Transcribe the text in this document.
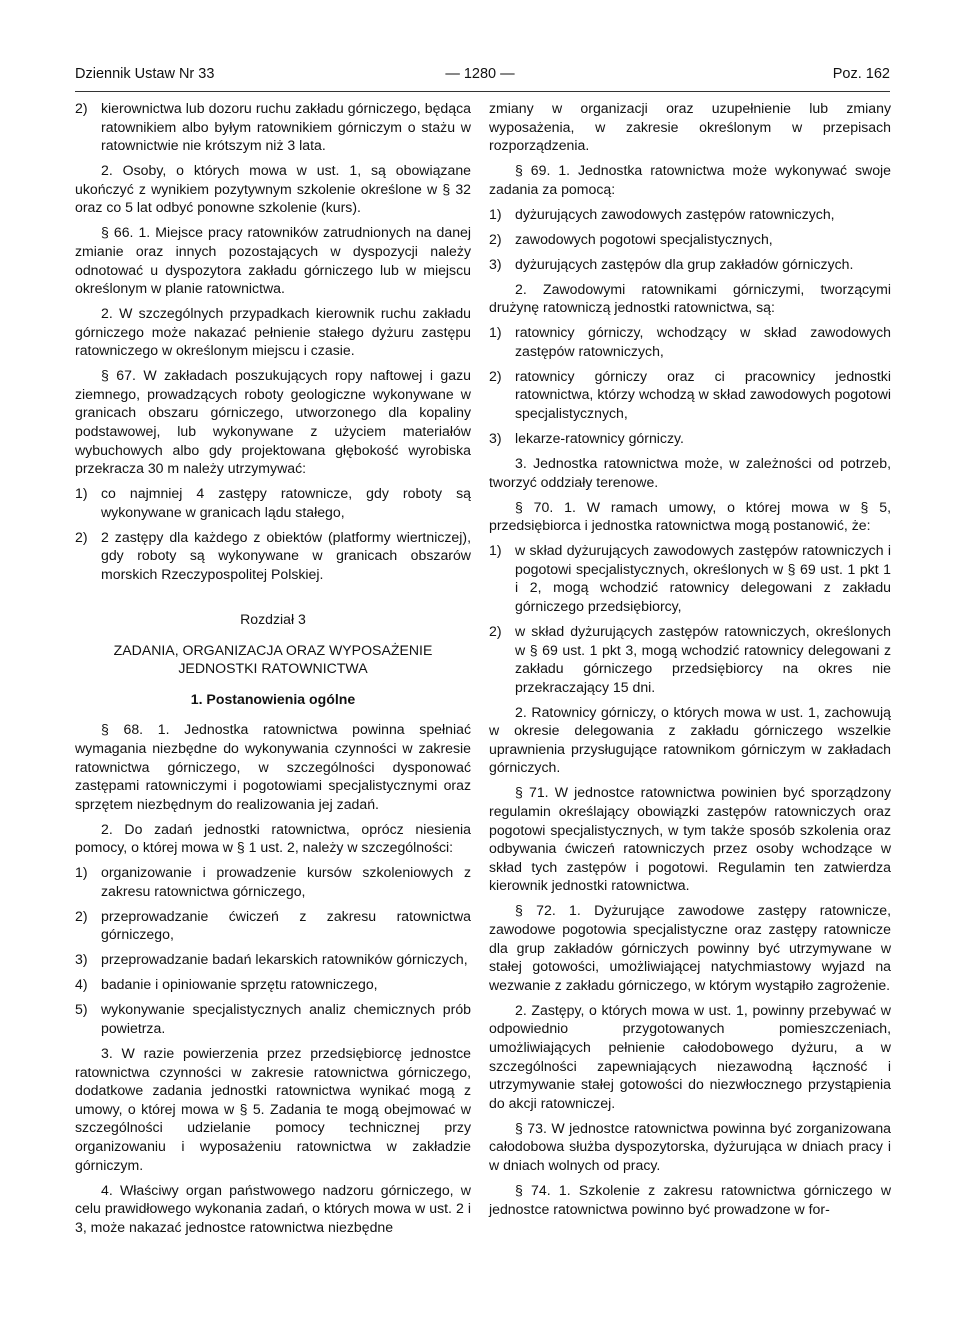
Dziennik Ustaw Nr 33	— 1280 —	Poz. 162
2) kierownictwa lub dozoru ruchu zakładu górniczego, będąca ratownikiem albo byłym ratownikiem górniczym o stażu w ratownictwie nie krótszym niż 3 lata.

2. Osoby, o których mowa w ust. 1, są obowiązane ukończyć z wynikiem pozytywnym szkolenie określone w § 32 oraz co 5 lat odbyć ponowne szkolenie (kurs).

§ 66. 1. Miejsce pracy ratowników zatrudnionych na danej zmianie oraz innych pozostających w dyspozycji należy odnotować u dyspozytora zakładu górniczego lub w miejscu określonym w planie ratownictwa.

2. W szczególnych przypadkach kierownik ruchu zakładu górniczego może nakazać pełnienie stałego dyżuru zastępu ratowniczego w określonym miejscu i czasie.

§ 67. W zakładach poszukujących ropy naftowej i gazu ziemnego, prowadzących roboty geologiczne wykonywane w granicach obszaru górniczego, utworzonego dla kopaliny podstawowej, lub wykonywane z użyciem materiałów wybuchowych albo gdy projektowana głębokość wyrobiska przekracza 30 m należy utrzymywać:

1) co najmniej 4 zastępy ratownicze, gdy roboty są wykonywane w granicach lądu stałego,
2) 2 zastępy dla każdego z obiektów (platformy wiertniczej), gdy roboty są wykonywane w granicach obszarów morskich Rzeczypospolitej Polskiej.

Rozdział 3

ZADANIA, ORGANIZACJA ORAZ WYPOSAŻENIE

JEDNOSTKI RATOWNICTWA

1. Postanowienia ogólne

§ 68. 1. Jednostka ratownictwa powinna spełniać wymagania niezbędne do wykonywania czynności w zakresie ratownictwa górniczego, w szczególności dysponować zastępami ratowniczymi i pogotowiami specjalistycznymi oraz sprzętem niezbędnym do realizowania jej zadań.

2. Do zadań jednostki ratownictwa, oprócz niesienia pomocy, o której mowa w § 1 ust. 2, należy w szczególności:

1) organizowanie i prowadzenie kursów szkoleniowych z zakresu ratownictwa górniczego,
2) przeprowadzanie ćwiczeń z zakresu ratownictwa górniczego,
3) przeprowadzanie badań lekarskich ratowników górniczych,
4) badanie i opiniowanie sprzętu ratowniczego,
5) wykonywanie specjalistycznych analiz chemicznych prób powietrza.

3. W razie powierzenia przez przedsiębiorcę jednostce ratownictwa czynności w zakresie ratownictwa górniczego, dodatkowe zadania jednostki ratownictwa wynikać mogą z umowy, o której mowa w § 5. Zadania te mogą obejmować w szczególności udzielanie pomocy technicznej przy organizowaniu i wyposażeniu ratownictwa w zakładzie górniczym.

4. Właściwy organ państwowego nadzoru górniczego, w celu prawidłowego wykonania zadań, o których mowa w ust. 2 i 3, może nakazać jednostce ratownictwa niezbędne

zmiany w organizacji oraz uzupełnienie lub zmiany wyposażenia, w zakresie określonym w przepisach rozporządzenia.

§ 69. 1. Jednostka ratownictwa może wykonywać swoje zadania za pomocą:

1) dyżurujących zawodowych zastępów ratowniczych,
2) zawodowych pogotowi specjalistycznych,
3) dyżurujących zastępów dla grup zakładów górniczych.

2. Zawodowymi ratownikami górniczymi, tworzącymi drużynę ratowniczą jednostki ratownictwa, są:

1) ratownicy górniczy, wchodzący w skład zawodowych zastępów ratowniczych,
2) ratownicy górniczy oraz ci pracownicy jednostki ratownictwa, którzy wchodzą w skład zawodowych pogotowi specjalistycznych,
3) lekarze-ratownicy górniczy.

3. Jednostka ratownictwa może, w zależności od potrzeb, tworzyć oddziały terenowe.

§ 70. 1. W ramach umowy, o której mowa w § 5, przedsiębiorca i jednostka ratownictwa mogą postanowić, że:

1) w skład dyżurujących zawodowych zastępów ratowniczych i pogotowi specjalistycznych, określonych w § 69 ust. 1 pkt 1 i 2, mogą wchodzić ratownicy delegowani z zakładu górniczego przedsiębiorcy,
2) w skład dyżurujących zastępów ratowniczych, określonych w § 69 ust. 1 pkt 3, mogą wchodzić ratownicy delegowani z zakładu górniczego przedsiębiorcy na okres nie przekraczający 15 dni.

2. Ratownicy górniczy, o których mowa w ust. 1, zachowują w okresie delegowania z zakładu górniczego wszelkie uprawnienia przysługujące ratownikom górniczym w zakładach górniczych.

§ 71. W jednostce ratownictwa powinien być sporządzony regulamin określający obowiązki zastępów ratowniczych oraz pogotowi specjalistycznych, w tym także sposób szkolenia oraz odbywania ćwiczeń ratowniczych przez osoby wchodzące w skład tych zastępów i pogotowi. Regulamin ten zatwierdza kierownik jednostki ratownictwa.

§ 72. 1. Dyżurujące zawodowe zastępy ratownicze, zawodowe pogotowia specjalistyczne oraz zastępy ratownicze dla grup zakładów górniczych powinny być utrzymywane w stałej gotowości, umożliwiającej natychmiastowy wyjazd na wezwanie z zakładu górniczego, w którym wystąpiło zagrożenie.

2. Zastępy, o których mowa w ust. 1, powinny przebywać w odpowiednio przygotowanych pomieszczeniach, umożliwiających pełnienie całodobowego dyżuru, a w szczególności zapewniających niezawodną łączność i utrzymywanie stałej gotowości do niezwłocznego przystąpienia do akcji ratowniczej.

§ 73. W jednostce ratownictwa powinna być zorganizowana całodobowa służba dyspozytorska, dyżurująca w dniach pracy i w dniach wolnych od pracy.

§ 74. 1. Szkolenie z zakresu ratownictwa górniczego w jednostce ratownictwa powinno być prowadzone w for-
